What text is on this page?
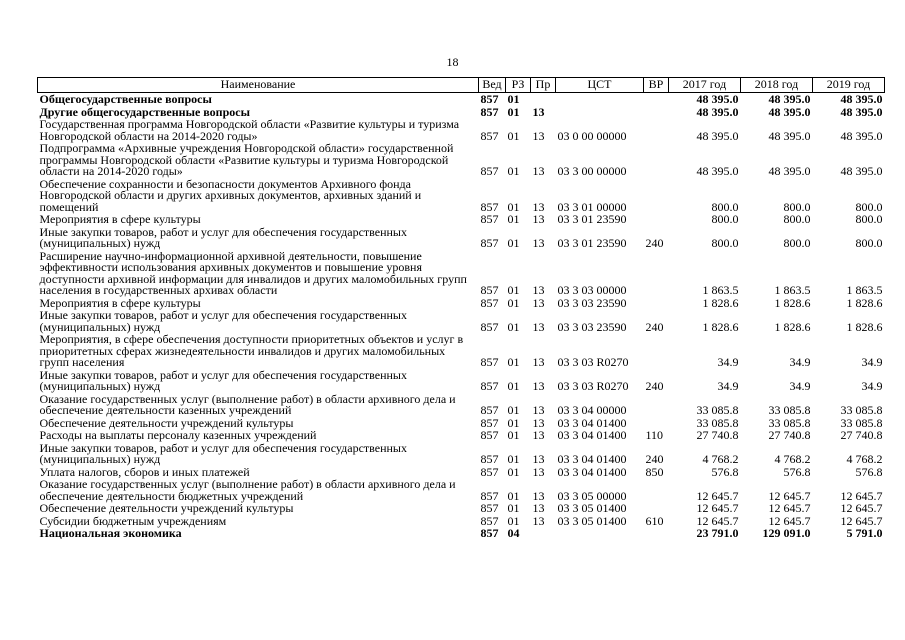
18
Наименование	Вед	РЗ	Пр	ЦСТ	ВР	2017 год	2018 год	2019 год
Общегосударственные вопросы	857	01				48 395.0	48 395.0	48 395.0
Другие общегосударственные вопросы	857	01	13			48 395.0	48 395.0	48 395.0
Государственная программа Новгородской области «Развитие культуры и туризма Новгородской области на 2014-2020 годы»	857	01	13	03 0 00 00000		48 395.0	48 395.0	48 395.0
Подпрограмма «Архивные учреждения Новгородской области» государственной программы Новгородской области «Развитие культуры и туризма Новгородской области на 2014-2020 годы»	857	01	13	03 3 00 00000		48 395.0	48 395.0	48 395.0
Обеспечение сохранности и безопасности документов Архивного фонда Новгородской области и других архивных документов, архивных зданий и помещений	857	01	13	03 3 01 00000		800.0	800.0	800.0
Мероприятия в сфере культуры	857	01	13	03 3 01 23590		800.0	800.0	800.0
Иные закупки товаров, работ и услуг для обеспечения государственных (муниципальных) нужд	857	01	13	03 3 01 23590	240	800.0	800.0	800.0
Расширение научно-информационной архивной деятельности, повышение эффективности использования архивных документов и повышение уровня доступности архивной информации для инвалидов и других маломобильных групп населения в государственных архивах области	857	01	13	03 3 03 00000		1 863.5	1 863.5	1 863.5
Мероприятия в сфере культуры	857	01	13	03 3 03 23590		1 828.6	1 828.6	1 828.6
Иные закупки товаров, работ и услуг для обеспечения государственных (муниципальных) нужд	857	01	13	03 3 03 23590	240	1 828.6	1 828.6	1 828.6
Мероприятия, в сфере обеспечения доступности приоритетных объектов и услуг в приоритетных сферах жизнедеятельности инвалидов и других маломобильных групп населения	857	01	13	03 3 03 R0270		34.9	34.9	34.9
Иные закупки товаров, работ и услуг для обеспечения государственных (муниципальных) нужд	857	01	13	03 3 03 R0270	240	34.9	34.9	34.9
Оказание государственных услуг (выполнение работ) в области архивного дела и обеспечение деятельности казенных учреждений	857	01	13	03 3 04 00000		33 085.8	33 085.8	33 085.8
Обеспечение деятельности учреждений культуры	857	01	13	03 3 04 01400		33 085.8	33 085.8	33 085.8
Расходы на выплаты персоналу казенных учреждений	857	01	13	03 3 04 01400	110	27 740.8	27 740.8	27 740.8
Иные закупки товаров, работ и услуг для обеспечения государственных (муниципальных) нужд	857	01	13	03 3 04 01400	240	4 768.2	4 768.2	4 768.2
Уплата налогов, сборов и иных платежей	857	01	13	03 3 04 01400	850	576.8	576.8	576.8
Оказание государственных услуг (выполнение работ) в области архивного дела и обеспечение деятельности бюджетных учреждений	857	01	13	03 3 05 00000		12 645.7	12 645.7	12 645.7
Обеспечение деятельности учреждений культуры	857	01	13	03 3 05 01400		12 645.7	12 645.7	12 645.7
Субсидии бюджетным учреждениям	857	01	13	03 3 05 01400	610	12 645.7	12 645.7	12 645.7
Национальная экономика	857	04				23 791.0	129 091.0	5 791.0
